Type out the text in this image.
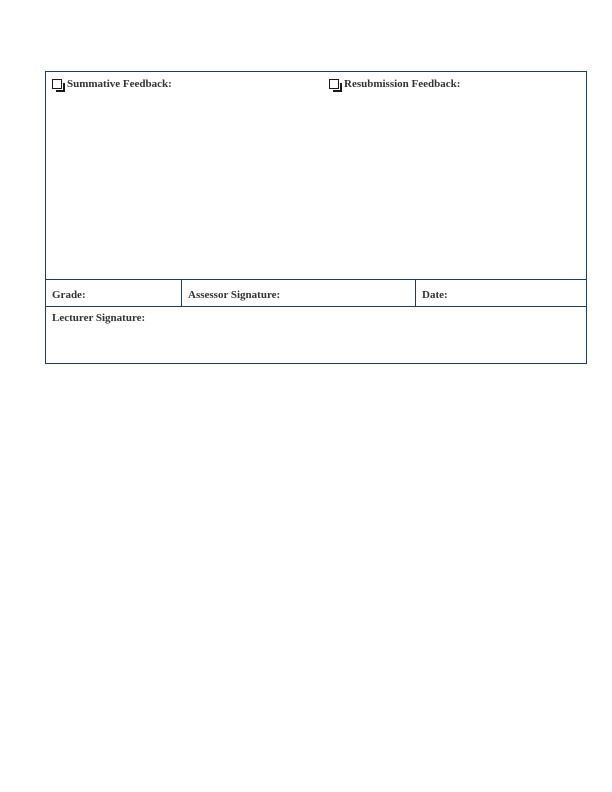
Summative Feedback:	Resubmission Feedback:
Grade:	Assessor Signature:	Date:
Lecturer Signature:
